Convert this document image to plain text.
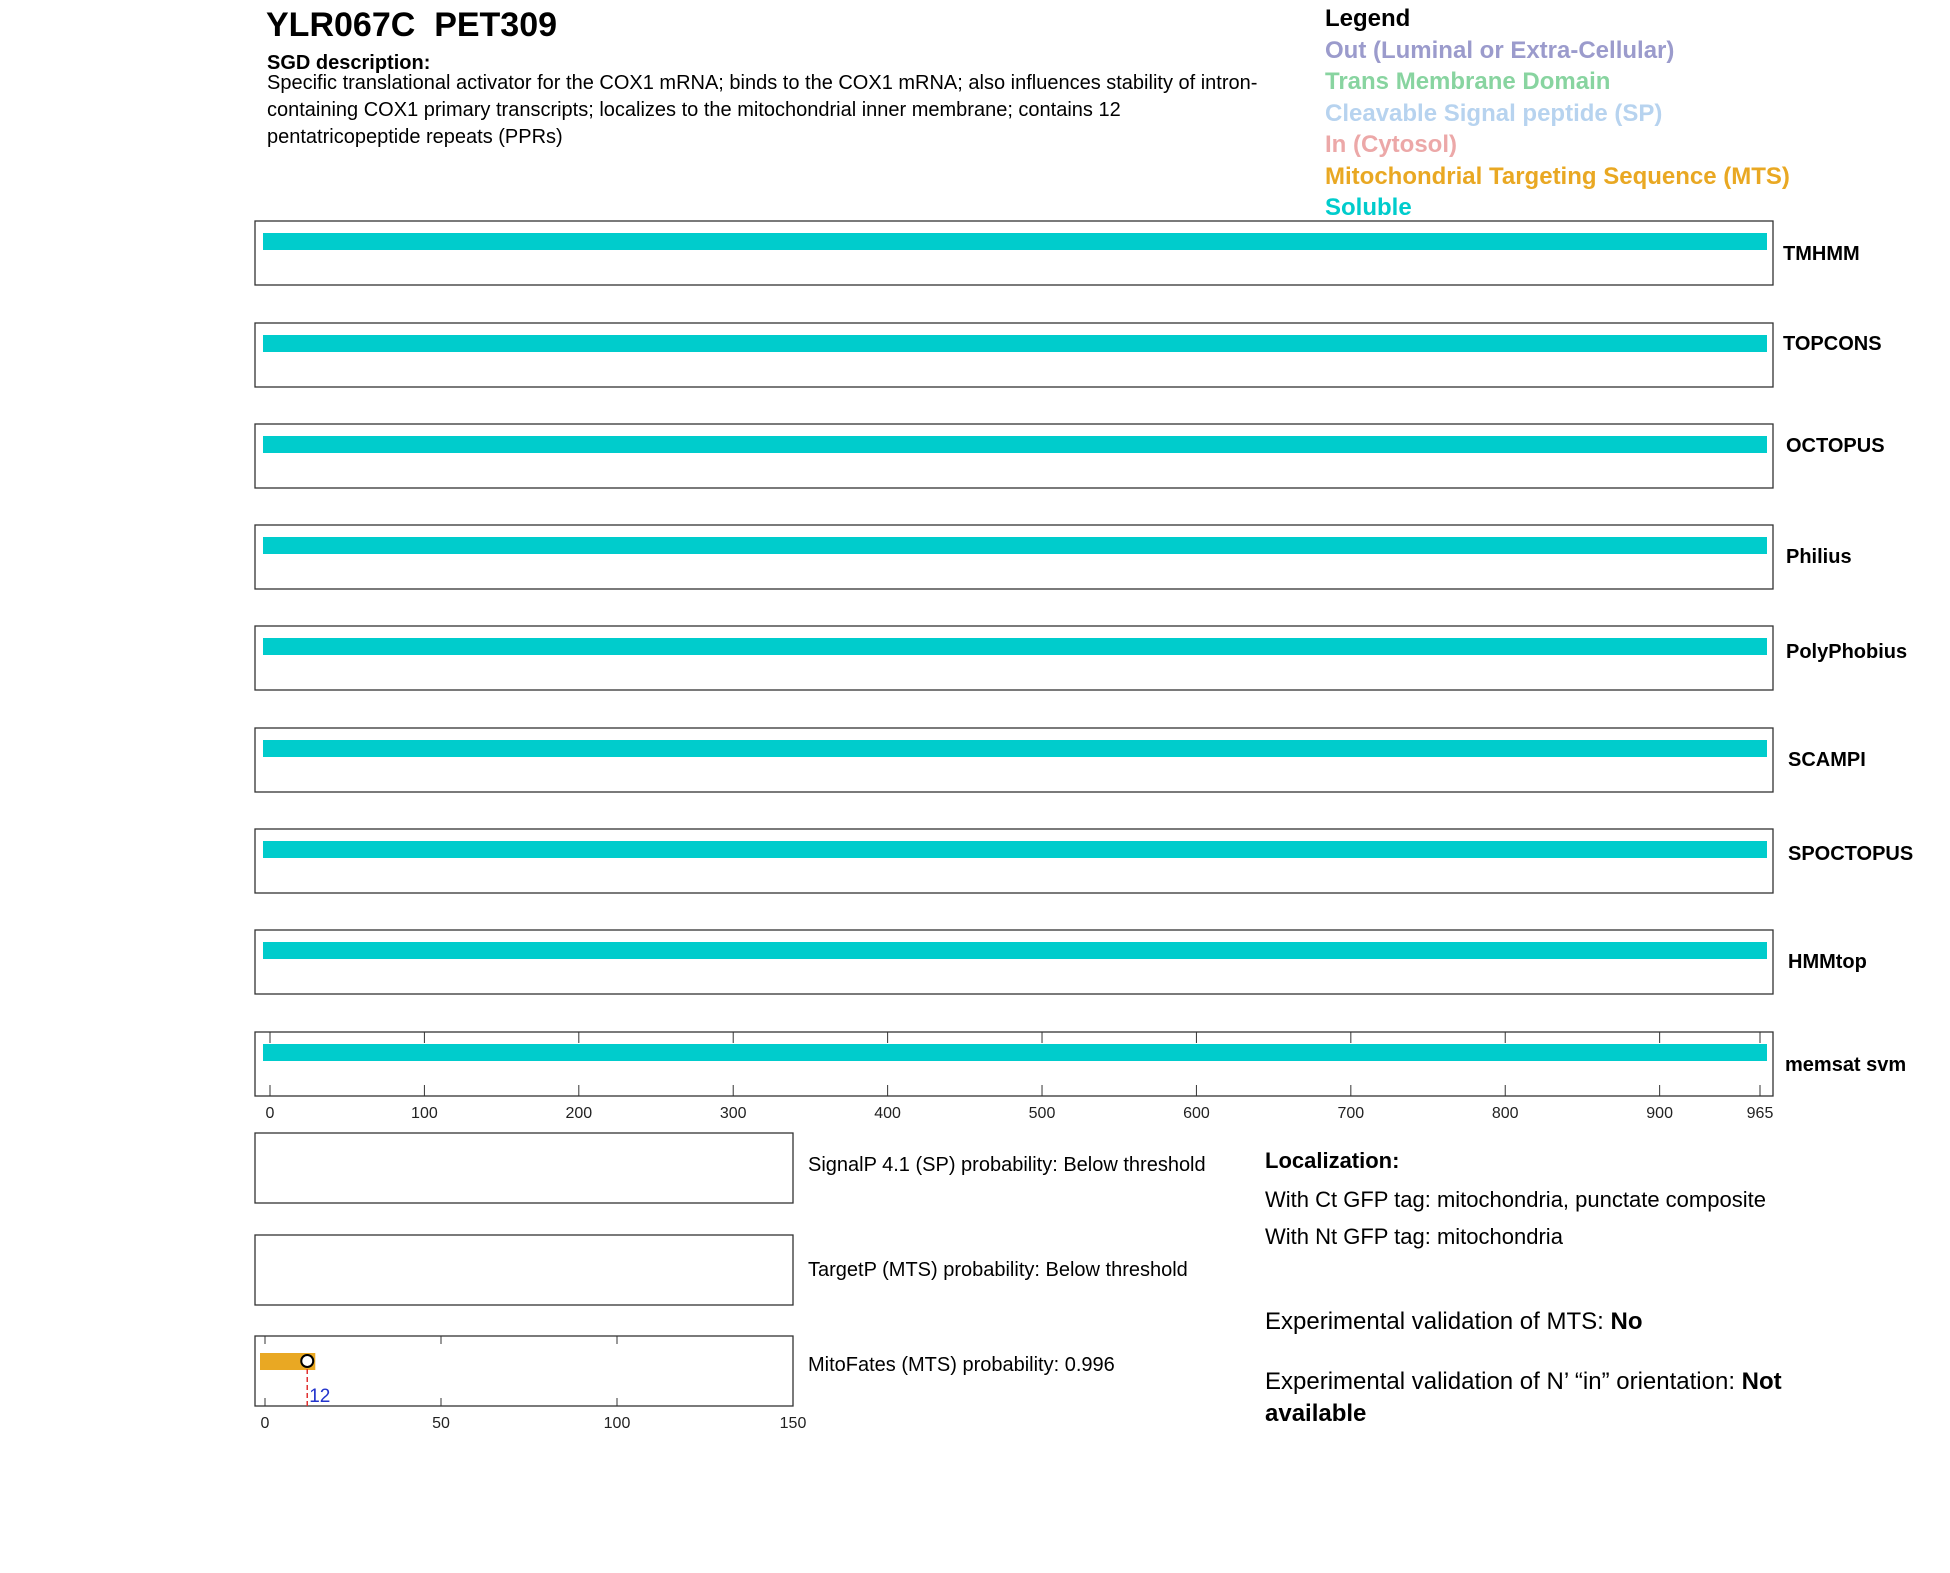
YLR067C PET309
SGD description:
Specific translational activator for the COX1 mRNA; binds to the COX1 mRNA; also influences stability of intron-containing COX1 primary transcripts; localizes to the mitochondrial inner membrane; contains 12 pentatricopeptide repeats (PPRs)
Legend
Out (Luminal or Extra-Cellular)
Trans Membrane Domain
Cleavable Signal peptide (SP)
In (Cytosol)
Mitochondrial Targeting Sequence (MTS)
Soluble
0	100	200	300	400	500	600	700	800	900	965
0	50	100	150
12
TMHMM
TOPCONS
OCTOPUS
Philius
PolyPhobius
SCAMPI
SPOCTOPUS
HMMtop
memsat svm
SignalP 4.1 (SP) probability: Below threshold
TargetP (MTS) probability: Below threshold
MitoFates (MTS) probability: 0.996
Localization:
With Ct GFP tag: mitochondria, punctate composite
With Nt GFP tag: mitochondria
Experimental validation of MTS: No
Experimental validation of N’ “in” orientation: Not available
